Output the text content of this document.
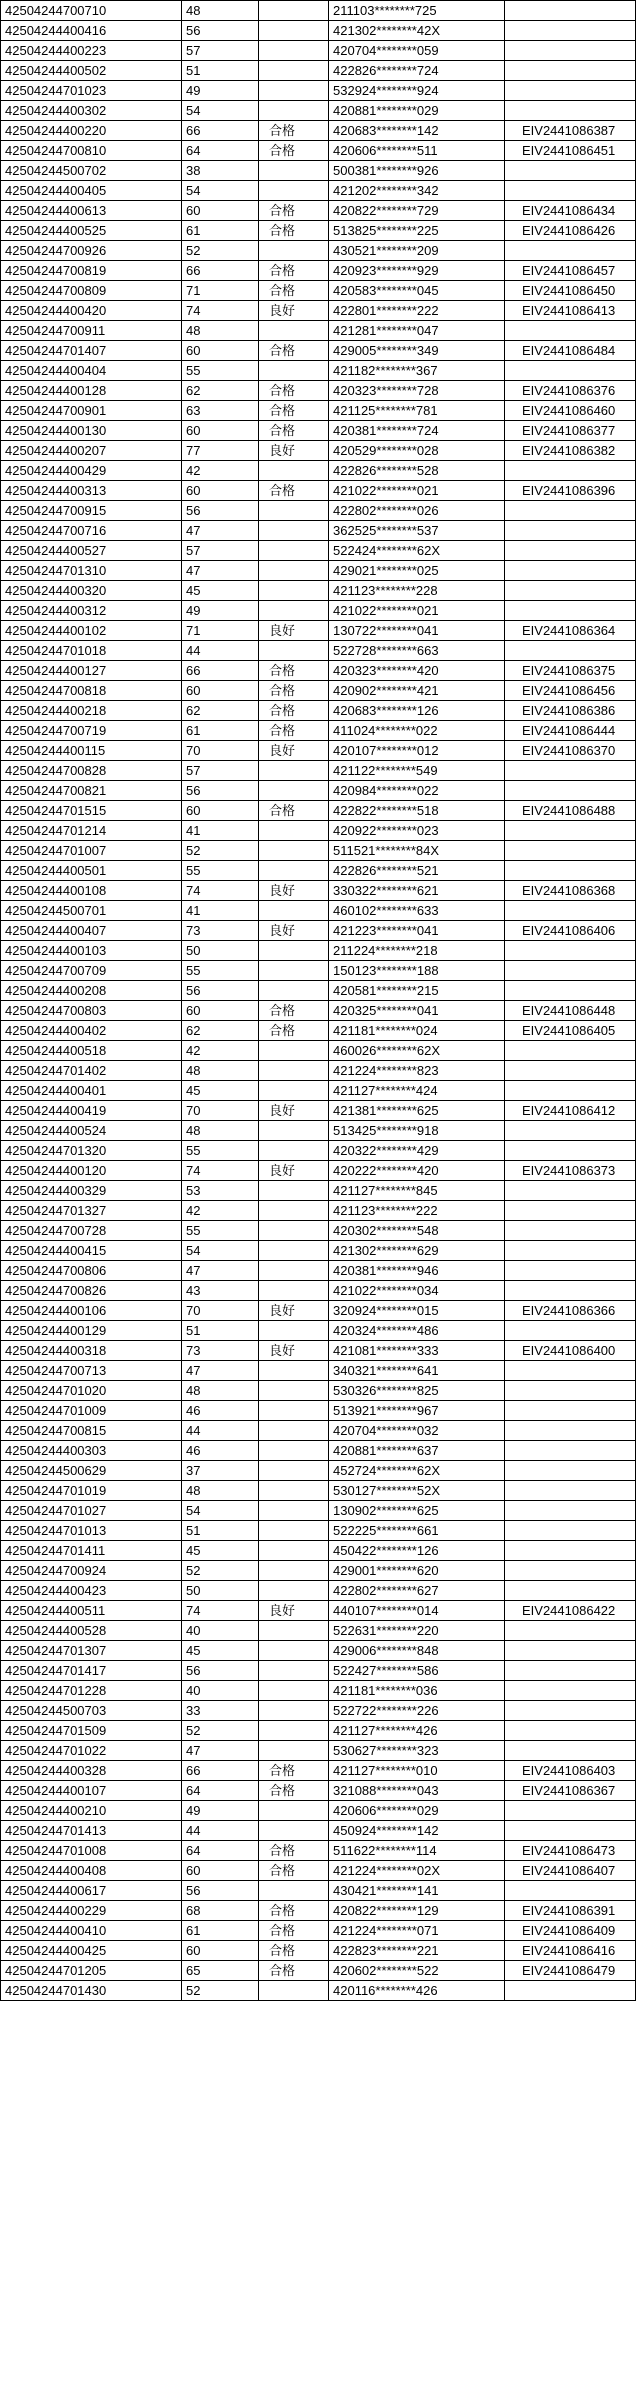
42504244700710	48		211103********725	
42504244400416	56		421302********42X	
42504244400223	57		420704********059	
42504244400502	51		422826********724	
42504244701023	49		532924********924	
42504244400302	54		420881********029	
42504244400220	66	合格	420683********142	EIV2441086387
42504244700810	64	合格	420606********511	EIV2441086451
42504244500702	38		500381********926	
42504244400405	54		421202********342	
42504244400613	60	合格	420822********729	EIV2441086434
42504244400525	61	合格	513825********225	EIV2441086426
42504244700926	52		430521********209	
42504244700819	66	合格	420923********929	EIV2441086457
42504244700809	71	合格	420583********045	EIV2441086450
42504244400420	74	良好	422801********222	EIV2441086413
42504244700911	48		421281********047	
42504244701407	60	合格	429005********349	EIV2441086484
42504244400404	55		421182********367	
42504244400128	62	合格	420323********728	EIV2441086376
42504244700901	63	合格	421125********781	EIV2441086460
42504244400130	60	合格	420381********724	EIV2441086377
42504244400207	77	良好	420529********028	EIV2441086382
42504244400429	42		422826********528	
42504244400313	60	合格	421022********021	EIV2441086396
42504244700915	56		422802********026	
42504244700716	47		362525********537	
42504244400527	57		522424********62X	
42504244701310	47		429021********025	
42504244400320	45		421123********228	
42504244400312	49		421022********021	
42504244400102	71	良好	130722********041	EIV2441086364
42504244701018	44		522728********663	
42504244400127	66	合格	420323********420	EIV2441086375
42504244700818	60	合格	420902********421	EIV2441086456
42504244400218	62	合格	420683********126	EIV2441086386
42504244700719	61	合格	411024********022	EIV2441086444
42504244400115	70	良好	420107********012	EIV2441086370
42504244700828	57		421122********549	
42504244700821	56		420984********022	
42504244701515	60	合格	422822********518	EIV2441086488
42504244701214	41		420922********023	
42504244701007	52		511521********84X	
42504244400501	55		422826********521	
42504244400108	74	良好	330322********621	EIV2441086368
42504244500701	41		460102********633	
42504244400407	73	良好	421223********041	EIV2441086406
42504244400103	50		211224********218	
42504244700709	55		150123********188	
42504244400208	56		420581********215	
42504244700803	60	合格	420325********041	EIV2441086448
42504244400402	62	合格	421181********024	EIV2441086405
42504244400518	42		460026********62X	
42504244701402	48		421224********823	
42504244400401	45		421127********424	
42504244400419	70	良好	421381********625	EIV2441086412
42504244400524	48		513425********918	
42504244701320	55		420322********429	
42504244400120	74	良好	420222********420	EIV2441086373
42504244400329	53		421127********845	
42504244701327	42		421123********222	
42504244700728	55		420302********548	
42504244400415	54		421302********629	
42504244700806	47		420381********946	
42504244700826	43		421022********034	
42504244400106	70	良好	320924********015	EIV2441086366
42504244400129	51		420324********486	
42504244400318	73	良好	421081********333	EIV2441086400
42504244700713	47		340321********641	
42504244701020	48		530326********825	
42504244701009	46		513921********967	
42504244700815	44		420704********032	
42504244400303	46		420881********637	
42504244500629	37		452724********62X	
42504244701019	48		530127********52X	
42504244701027	54		130902********625	
42504244701013	51		522225********661	
42504244701411	45		450422********126	
42504244700924	52		429001********620	
42504244400423	50		422802********627	
42504244400511	74	良好	440107********014	EIV2441086422
42504244400528	40		522631********220	
42504244701307	45		429006********848	
42504244701417	56		522427********586	
42504244701228	40		421181********036	
42504244500703	33		522722********226	
42504244701509	52		421127********426	
42504244701022	47		530627********323	
42504244400328	66	合格	421127********010	EIV2441086403
42504244400107	64	合格	321088********043	EIV2441086367
42504244400210	49		420606********029	
42504244701413	44		450924********142	
42504244701008	64	合格	511622********114	EIV2441086473
42504244400408	60	合格	421224********02X	EIV2441086407
42504244400617	56		430421********141	
42504244400229	68	合格	420822********129	EIV2441086391
42504244400410	61	合格	421224********071	EIV2441086409
42504244400425	60	合格	422823********221	EIV2441086416
42504244701205	65	合格	420602********522	EIV2441086479
42504244701430	52		420116********426	
